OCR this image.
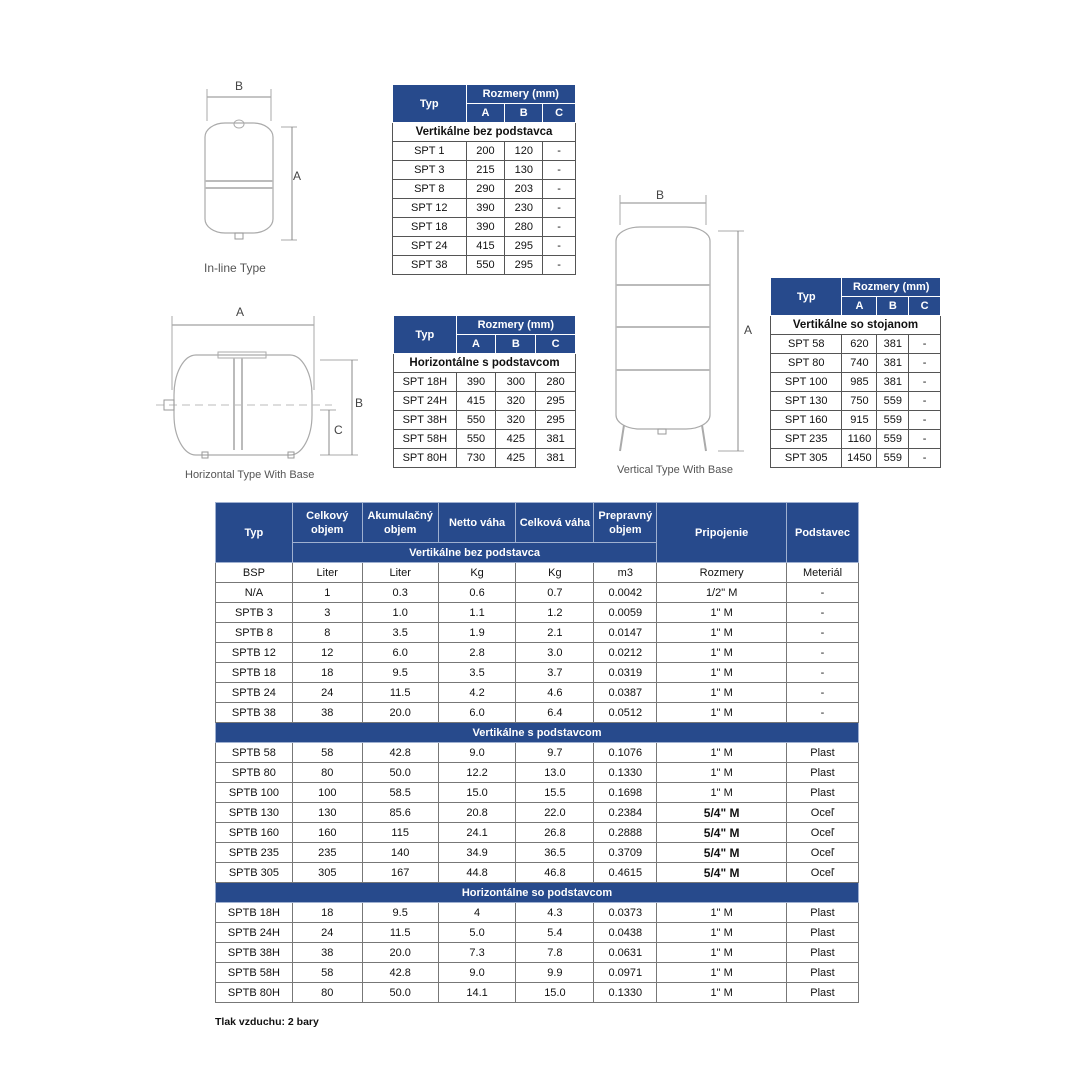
B
A
In-line Type
A
B
C
Horizontal Type With Base
B
A
Vertical Type With Base
Typ	Rozmery (mm)		
	A	B	C
Vertikálne bez podstavca			
SPT 1	200	120	-
SPT 3	215	130	-
SPT 8	290	203	-
SPT 12	390	230	-
SPT 18	390	280	-
SPT 24	415	295	-
SPT 38	550	295	-
Typ	Rozmery (mm)		
	A	B	C
Horizontálne s podstavcom			
SPT 18H	390	300	280
SPT 24H	415	320	295
SPT 38H	550	320	295
SPT 58H	550	425	381
SPT 80H	730	425	381
Typ	Rozmery (mm)		
	A	B	C
Vertikálne so stojanom			
SPT 58	620	381	-
SPT 80	740	381	-
SPT 100	985	381	-
SPT 130	750	559	-
SPT 160	915	559	-
SPT 235	1160	559	-
SPT 305	1450	559	-
Typ	Celkový objem	Akumulačný objem	Netto váha	Celková váha	Prepravný objem	Pripojenie	Podstavec
	Vertikálne bez podstavca						
BSP	Liter	Liter	Kg	Kg	m3	Rozmery	Meteriál
N/A	1	0.3	0.6	0.7	0.0042	1/2" M	-
SPTB 3	3	1.0	1.1	1.2	0.0059	1" M	-
SPTB 8	8	3.5	1.9	2.1	0.0147	1" M	-
SPTB 12	12	6.0	2.8	3.0	0.0212	1" M	-
SPTB 18	18	9.5	3.5	3.7	0.0319	1" M	-
SPTB 24	24	11.5	4.2	4.6	0.0387	1" M	-
SPTB 38	38	20.0	6.0	6.4	0.0512	1" M	-
Vertikálne s podstavcom							
SPTB 58	58	42.8	9.0	9.7	0.1076	1" M	Plast
SPTB 80	80	50.0	12.2	13.0	0.1330	1" M	Plast
SPTB 100	100	58.5	15.0	15.5	0.1698	1" M	Plast
SPTB 130	130	85.6	20.8	22.0	0.2384	5/4" M	Oceľ
SPTB 160	160	115	24.1	26.8	0.2888	5/4" M	Oceľ
SPTB 235	235	140	34.9	36.5	0.3709	5/4" M	Oceľ
SPTB 305	305	167	44.8	46.8	0.4615	5/4" M	Oceľ
Horizontálne so podstavcom							
SPTB 18H	18	9.5	4	4.3	0.0373	1" M	Plast
SPTB 24H	24	11.5	5.0	5.4	0.0438	1" M	Plast
SPTB 38H	38	20.0	7.3	7.8	0.0631	1" M	Plast
SPTB 58H	58	42.8	9.0	9.9	0.0971	1" M	Plast
SPTB 80H	80	50.0	14.1	15.0	0.1330	1" M	Plast
Tlak vzduchu: 2 bary
